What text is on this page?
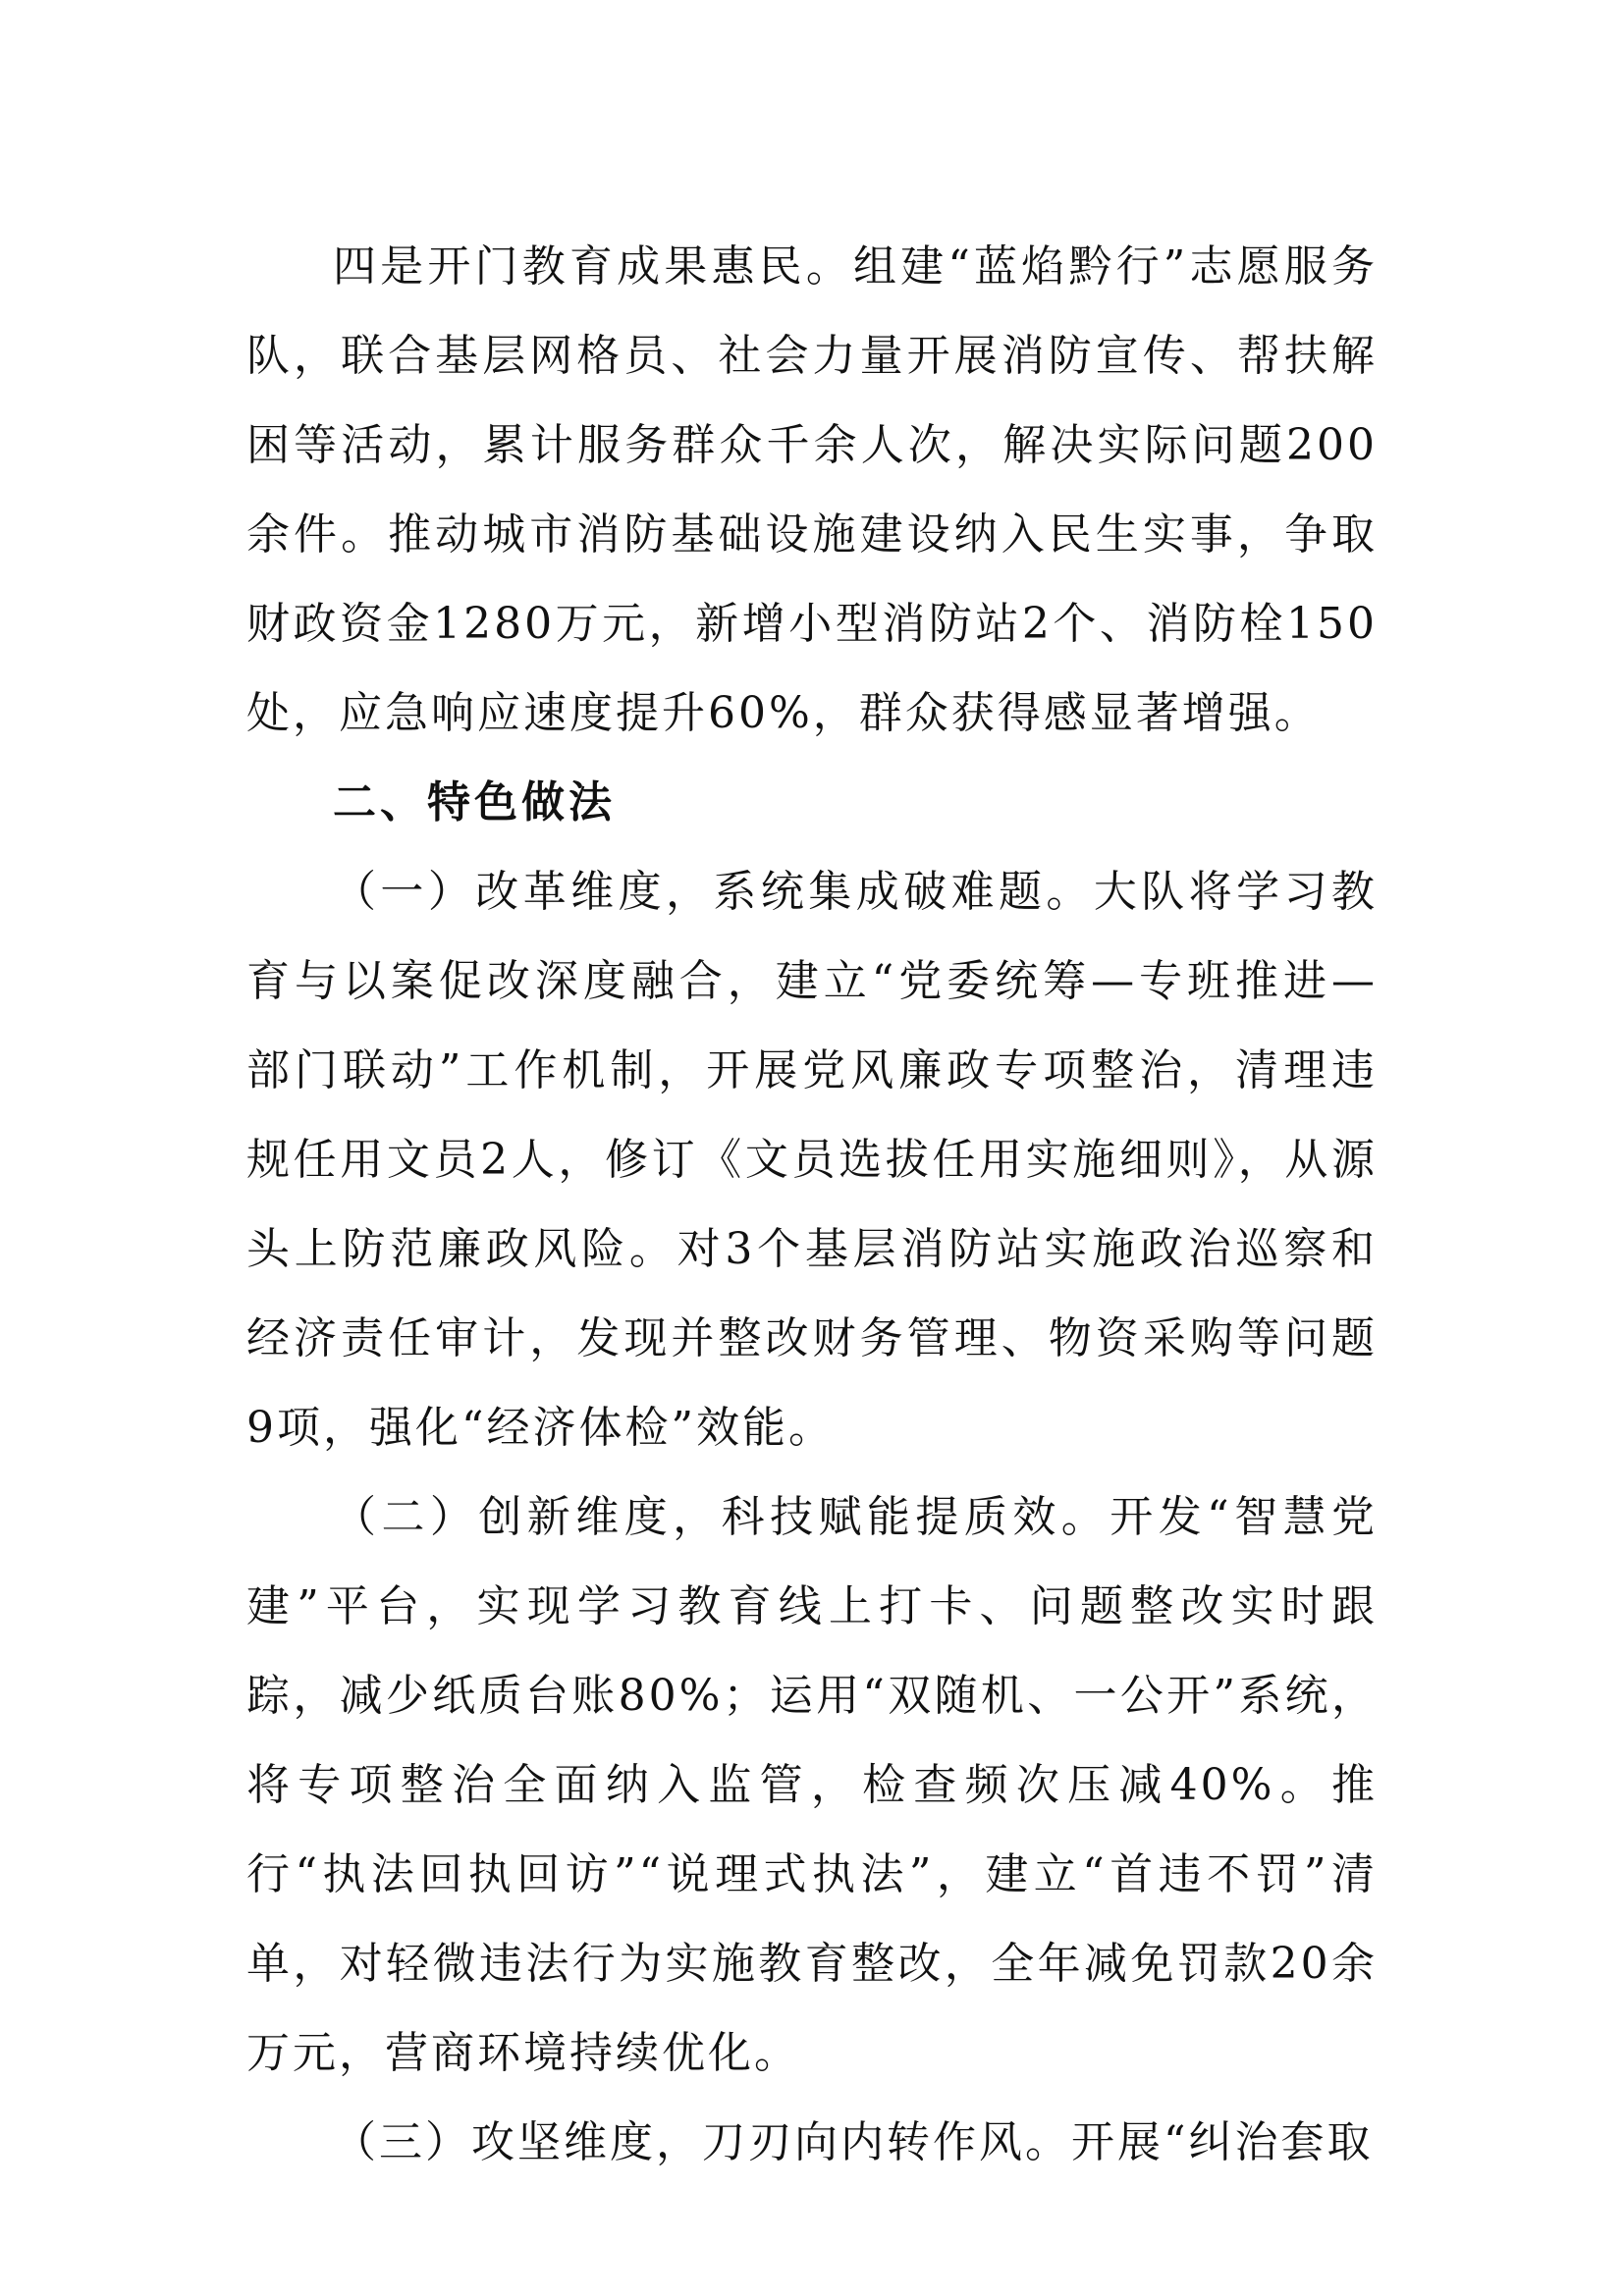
四是开门教育成果惠民。组建“蓝焰黔行”志愿服务队，联合基层网格员、社会力量开展消防宣传、帮扶解困等活动，累计服务群众千余人次，解决实际问题200余件。推动城市消防基础设施建设纳入民生实事，争取财政资金1280万元，新增小型消防站2个、消防栓150处，应急响应速度提升60%，群众获得感显著增强。

二、特色做法

（一）改革维度，系统集成破难题。大队将学习教育与以案促改深度融合，建立“党委统筹—专班推进—部门联动”工作机制，开展党风廉政专项整治，清理违规任用文员2人，修订《文员选拔任用实施细则》，从源头上防范廉政风险。对3个基层消防站实施政治巡察和经济责任审计，发现并整改财务管理、物资采购等问题9项，强化“经济体检”效能。

（二）创新维度，科技赋能提质效。开发“智慧党建”平台，实现学习教育线上打卡、问题整改实时跟踪，减少纸质台账80%；运用“双随机、一公开”系统，将专项整治全面纳入监管，检查频次压减40%。推行“执法回执回访”“说理式执法”，建立“首违不罚”清单，对轻微违法行为实施教育整改，全年减免罚款20余万元，营商环境持续优化。

（三）攻坚维度，刀刃向内转作风。开展“纠治套取
